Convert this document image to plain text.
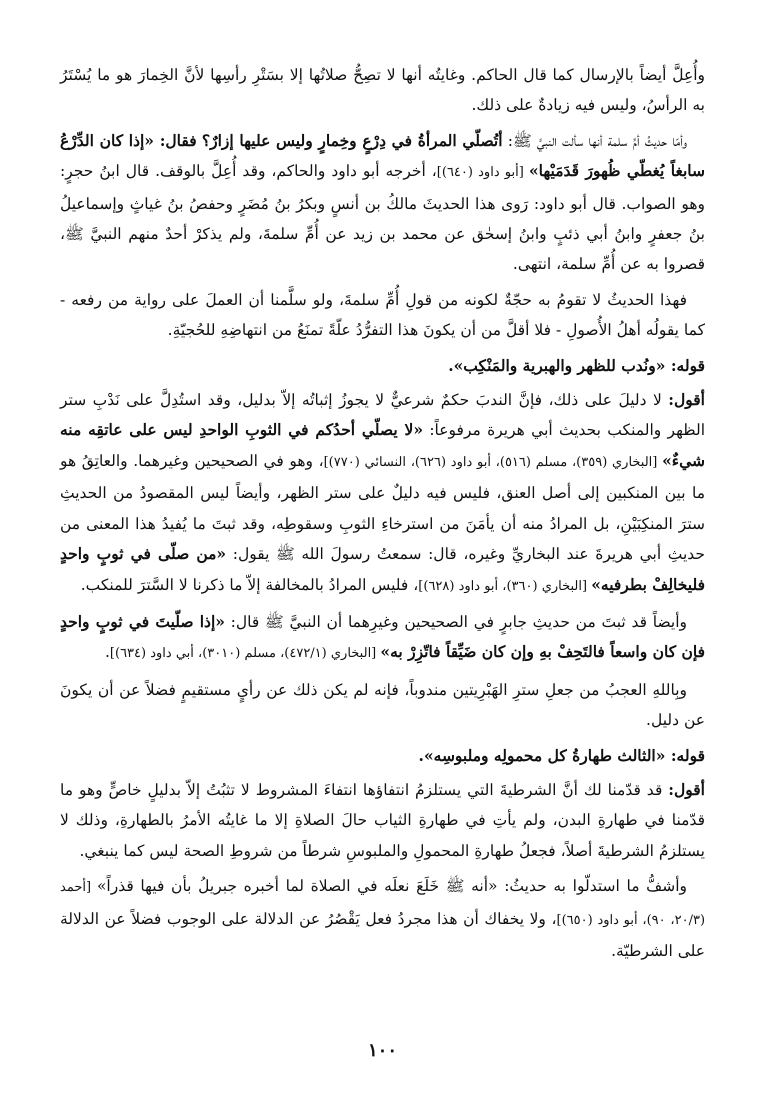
وأُعِلَّ أيضاً بالإرسال كما قال الحاكم. وغايتُه أنها لا تصِحُّ صلاتُها إلا بسَتْرِ رأسِها لأنَّ الخِمارَ هو ما يُسْتَرُ به الرأسُ، وليس فيه زيادةٌ على ذلك.

وأمّا حديثُ أمِّ سلمة أنها سألت النبيَّ ﷺ: أتُصلّي المرأةُ في دِرْعٍ وخِمارٍ وليس عليها إزارٌ؟ فقال: «إذا كان الدِّرْعُ سابغاً يُغطّي ظُهورَ قَدَمَيْها» [أبو داود (٦٤٠)]، أخرجه أبو داود والحاكم، وقد أُعِلَّ بالوقف. قال ابنُ حجرٍ: وهو الصواب. قال أبو داود: رَوى هذا الحديثَ مالكُ بن أنسٍ وبكرُ بنُ مُضَرٍ وحفصُ بنُ غياثٍ وإسماعيلُ بنُ جعفرٍ وابنُ أبي ذئبٍ وابنُ إسحٰق عن محمد بن زيد عن أُمِّ سلمةَ، ولم يذكرْ أحدٌ منهم النبيَّ ﷺ، قصروا به عن أُمِّ سلمة، انتهى.

فهذا الحديثُ لا تقومُ به حجّةٌ لكونه من قولِ أُمِّ سلمةَ، ولو سلَّمنا أن العملَ على رواية من رفعه - كما يقولُه أهلُ الأُصولِ - فلا أقلَّ من أن يكونَ هذا التفرُّدُ علّةً تمنَعُ من انتهاضِهِ للحُجيّةِ.

قوله: «ونُدب للظهر والهبرية والمَنْكِب».

أقول: لا دليلَ على ذلك، فإنَّ الندبَ حكمٌ شرعيٌّ لا يجوزُ إثباتُه إلاّ بدليل، وقد استُدِلَّ على نَدْبِ ستر الظهر والمنكب بحديث أبي هريرة مرفوعاً: «لا يصلّي أحدُكم في الثوبِ الواحدِ ليس على عاتقِه منه شيءٌ» [البخاري (٣٥٩)، مسلم (٥١٦)، أبو داود (٦٢٦)، النسائي (٧٧٠)]، وهو في الصحيحين وغيرهما. والعاتِقُ هو ما بين المنكبين إلى أصل العنق، فليس فيه دليلٌ على ستر الظهر، وأيضاً ليس المقصودُ من الحديثِ سترَ المنكِبَيْنِ، بل المرادُ منه أن يأمَنَ من استرخاءِ الثوبِ وسقوطِه، وقد ثبتَ ما يُفيدُ هذا المعنى من حديثِ أبي هريرةَ عند البخاريِّ وغيره، قال: سمعتُ رسولَ الله ﷺ يقول: «من صلّى في ثوبٍ واحدٍ فليخالِفْ بطرفيه» [البخاري (٣٦٠)، أبو داود (٦٢٨)]، فليس المرادُ بالمخالفة إلاّ ما ذكرنا لا السَّترَ للمنكب.

وأيضاً قد ثبتَ من حديثِ جابرٍ في الصحيحين وغيرِهما أن النبيَّ ﷺ قال: «إذا صلّيتَ في ثوبٍ واحدٍ فإن كان واسعاً فالتَحِفْ بهِ وإن كان ضَيِّقاً فاتّزِرْ به» [البخاري (٤٧٢/١)، مسلم (٣٠١٠)، أبي داود (٦٣٤)].

وبِاللهِ العجبُ من جعلِ سترِ الهَبْرِيتين مندوباً، فإنه لم يكن ذلك عن رأيٍ مستقيمٍ فضلاً عن أن يكونَ عن دليل.

قوله: «الثالث طهارةُ كل محمولِه وملبوسِه».

أقول: قد قدّمنا لك أنَّ الشرطيةَ التي يستلزمُ انتفاؤها انتفاءَ المشروط لا تثبُتُ إلاّ بدليلٍ خاصٍّ وهو ما قدّمنا في طهارةِ البدن، ولم يأتِ في طهارةِ الثياب حالَ الصلاةِ إلا ما غايتُه الأمرُ بالطهارةِ، وذلك لا يستلزمُ الشرطيةَ أصلاً، فجعلُ طهارةِ المحمولِ والملبوسِ شرطاً من شروطِ الصحة ليس كما ينبغي.

وأشفُّ ما استدلّوا به حديثُ: «أنه ﷺ خَلَعَ نعلَه في الصلاة لما أخبره جبريلُ بأن فيها قذراً» [أحمد (٢٠/٣، ٩٠)، أبو داود (٦٥٠)]، ولا يخفاك أن هذا مجردُ فعل يَقْصُرُ عن الدلالة على الوجوب فضلاً عن الدلالة على الشرطيّة.

١٠٠
